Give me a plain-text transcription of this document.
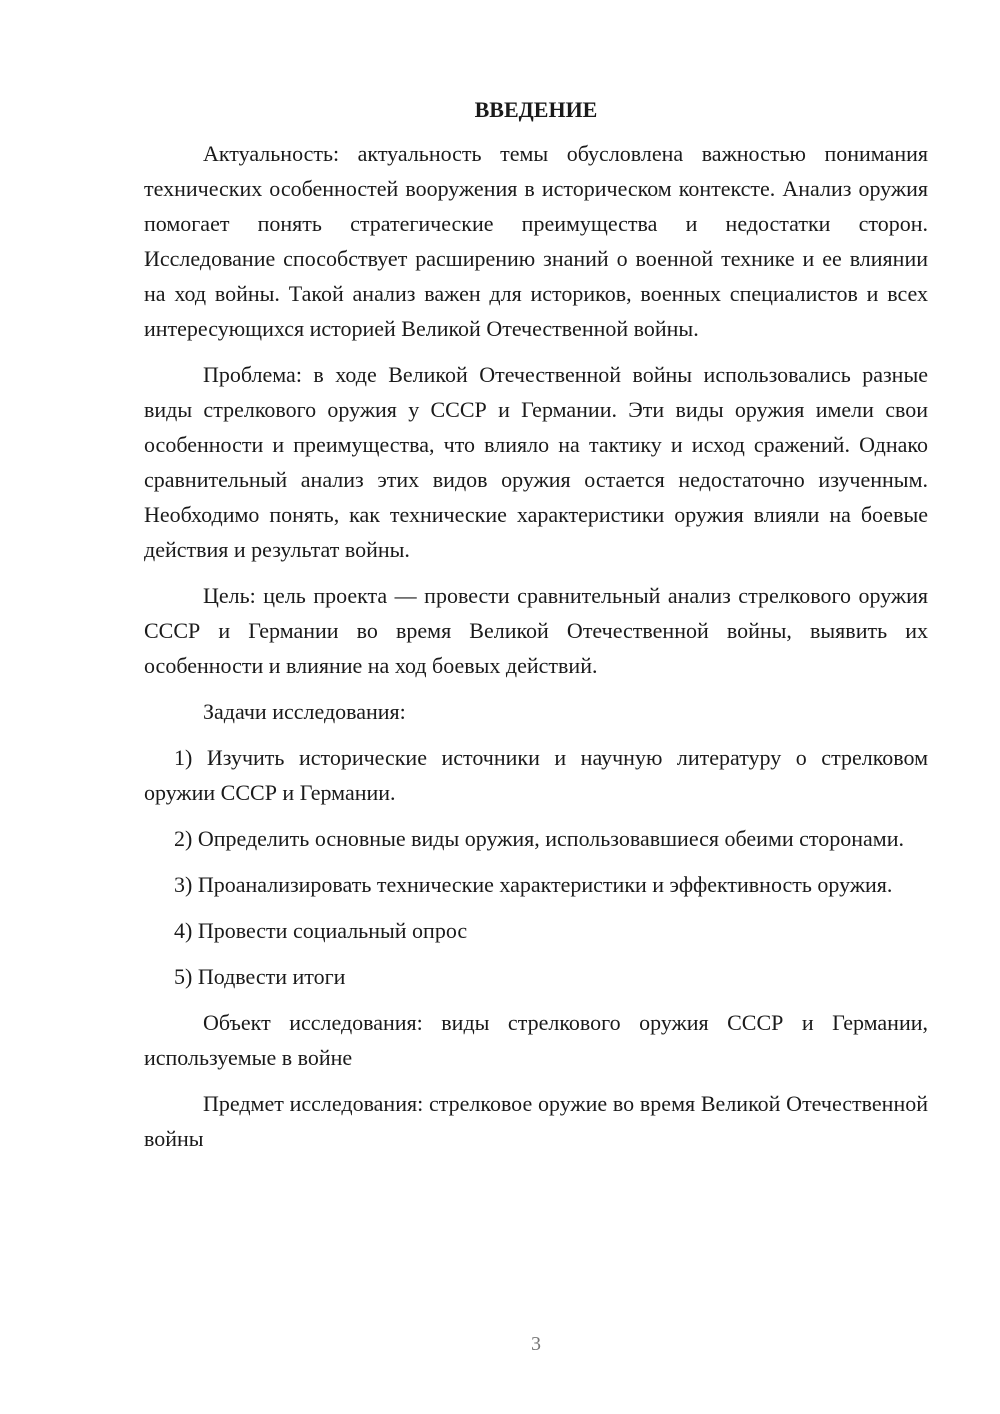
ВВЕДЕНИЕ

Актуальность: актуальность темы обусловлена важностью понимания технических особенностей вооружения в историческом контексте. Анализ оружия помогает понять стратегические преимущества и недостатки сторон. Исследование способствует расширению знаний о военной технике и ее влиянии на ход войны. Такой анализ важен для историков, военных специалистов и всех интересующихся историей Великой Отечественной войны.

Проблема: в ходе Великой Отечественной войны использовались разные виды стрелкового оружия у СССР и Германии. Эти виды оружия имели свои особенности и преимущества, что влияло на тактику и исход сражений. Однако сравнительный анализ этих видов оружия остается недостаточно изученным. Необходимо понять, как технические характеристики оружия влияли на боевые действия и результат войны.

Цель: цель проекта — провести сравнительный анализ стрелкового оружия СССР и Германии во время Великой Отечественной войны, выявить их особенности и влияние на ход боевых действий.

Задачи исследования:

1) Изучить исторические источники и научную литературу о стрелковом оружии СССР и Германии.

2) Определить основные виды оружия, использовавшиеся обеими сторонами.

3) Проанализировать технические характеристики и эффективность оружия.

4) Провести социальный опрос

5) Подвести итоги

Объект исследования: виды стрелкового оружия СССР и Германии, используемые в войне

Предмет исследования: стрелковое оружие во время Великой Отечественной войны

3
